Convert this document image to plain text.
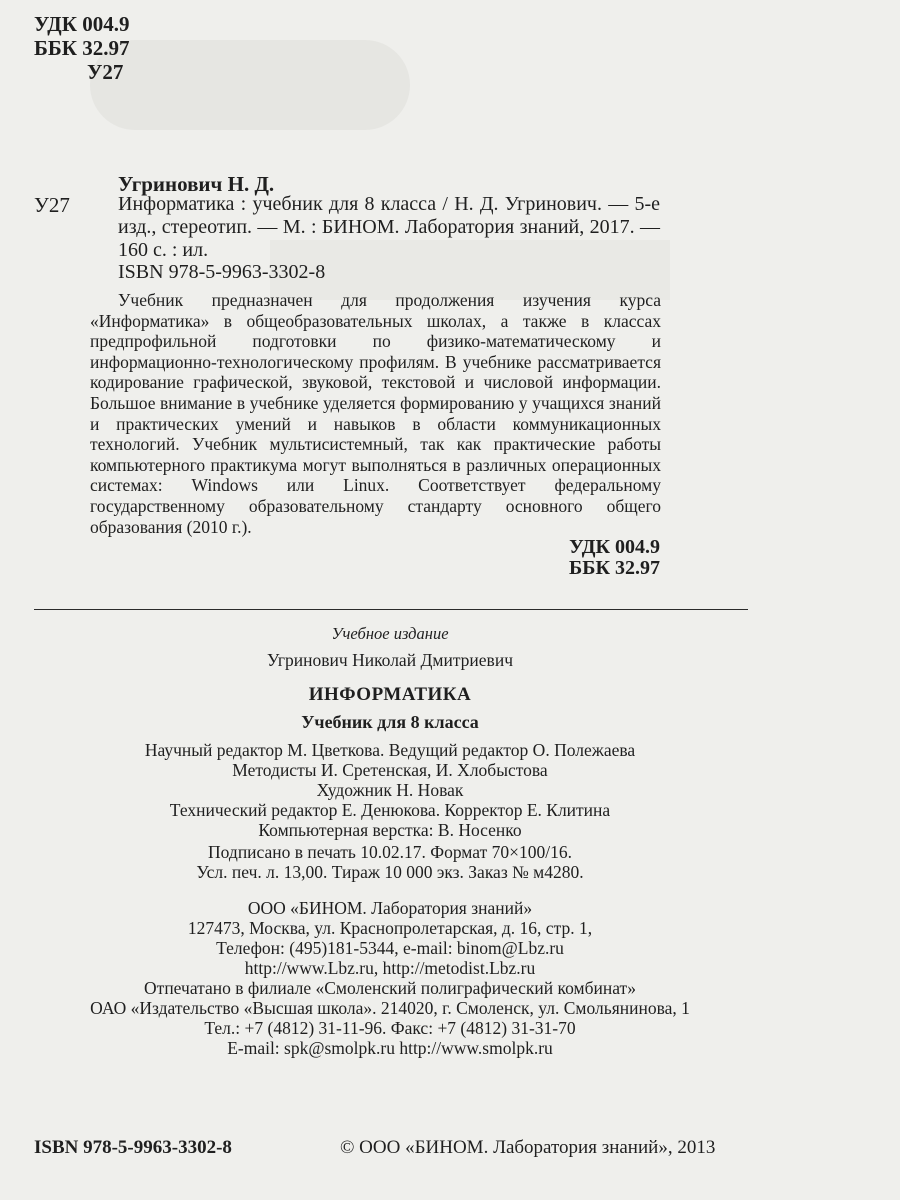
УДК 004.9
ББК 32.97
У27
Угринович Н. Д.
У27 Информатика : учебник для 8 класса / Н. Д. Угринович. — 5-е изд., стереотип. — М. : БИНОМ. Лаборатория знаний, 2017. — 160 с. : ил.
ISBN 978-5-9963-3302-8
Учебник предназначен для продолжения изучения курса «Информатика» в общеобразовательных школах, а также в классах предпрофильной подготовки по физико-математическому и информационно-технологическому профилям. В учебнике рассматривается кодирование графической, звуковой, текстовой и числовой информации. Большое внимание в учебнике уделяется формированию у учащихся знаний и практических умений и навыков в области коммуникационных технологий. Учебник мультисистемный, так как практические работы компьютерного практикума могут выполняться в различных операционных системах: Windows или Linux. Соответствует федеральному государственному образовательному стандарту основного общего образования (2010 г.).
УДК 004.9
ББК 32.97
Учебное издание
Угринович Николай Дмитриевич
ИНФОРМАТИКА
Учебник для 8 класса
Научный редактор М. Цветкова. Ведущий редактор О. Полежаева
Методисты И. Сретенская, И. Хлобыстова
Художник Н. Новак
Технический редактор Е. Денюкова. Корректор Е. Клитина
Компьютерная верстка: В. Носенко
Подписано в печать 10.02.17. Формат 70×100/16.
Усл. печ. л. 13,00. Тираж 10 000 экз. Заказ № м4280.
ООО «БИНОМ. Лаборатория знаний»
127473, Москва, ул. Краснопролетарская, д. 16, стр. 1,
Телефон: (495)181-5344, e-mail: binom@Lbz.ru
http://www.Lbz.ru, http://metodist.Lbz.ru
Отпечатано в филиале «Смоленский полиграфический комбинат»
ОАО «Издательство «Высшая школа». 214020, г. Смоленск, ул. Смольянинова, 1
Тел.: +7 (4812) 31-11-96. Факс: +7 (4812) 31-31-70
E-mail: spk@smolpk.ru http://www.smolpk.ru
ISBN 978-5-9963-3302-8	© ООО «БИНОМ. Лаборатория знаний», 2013
